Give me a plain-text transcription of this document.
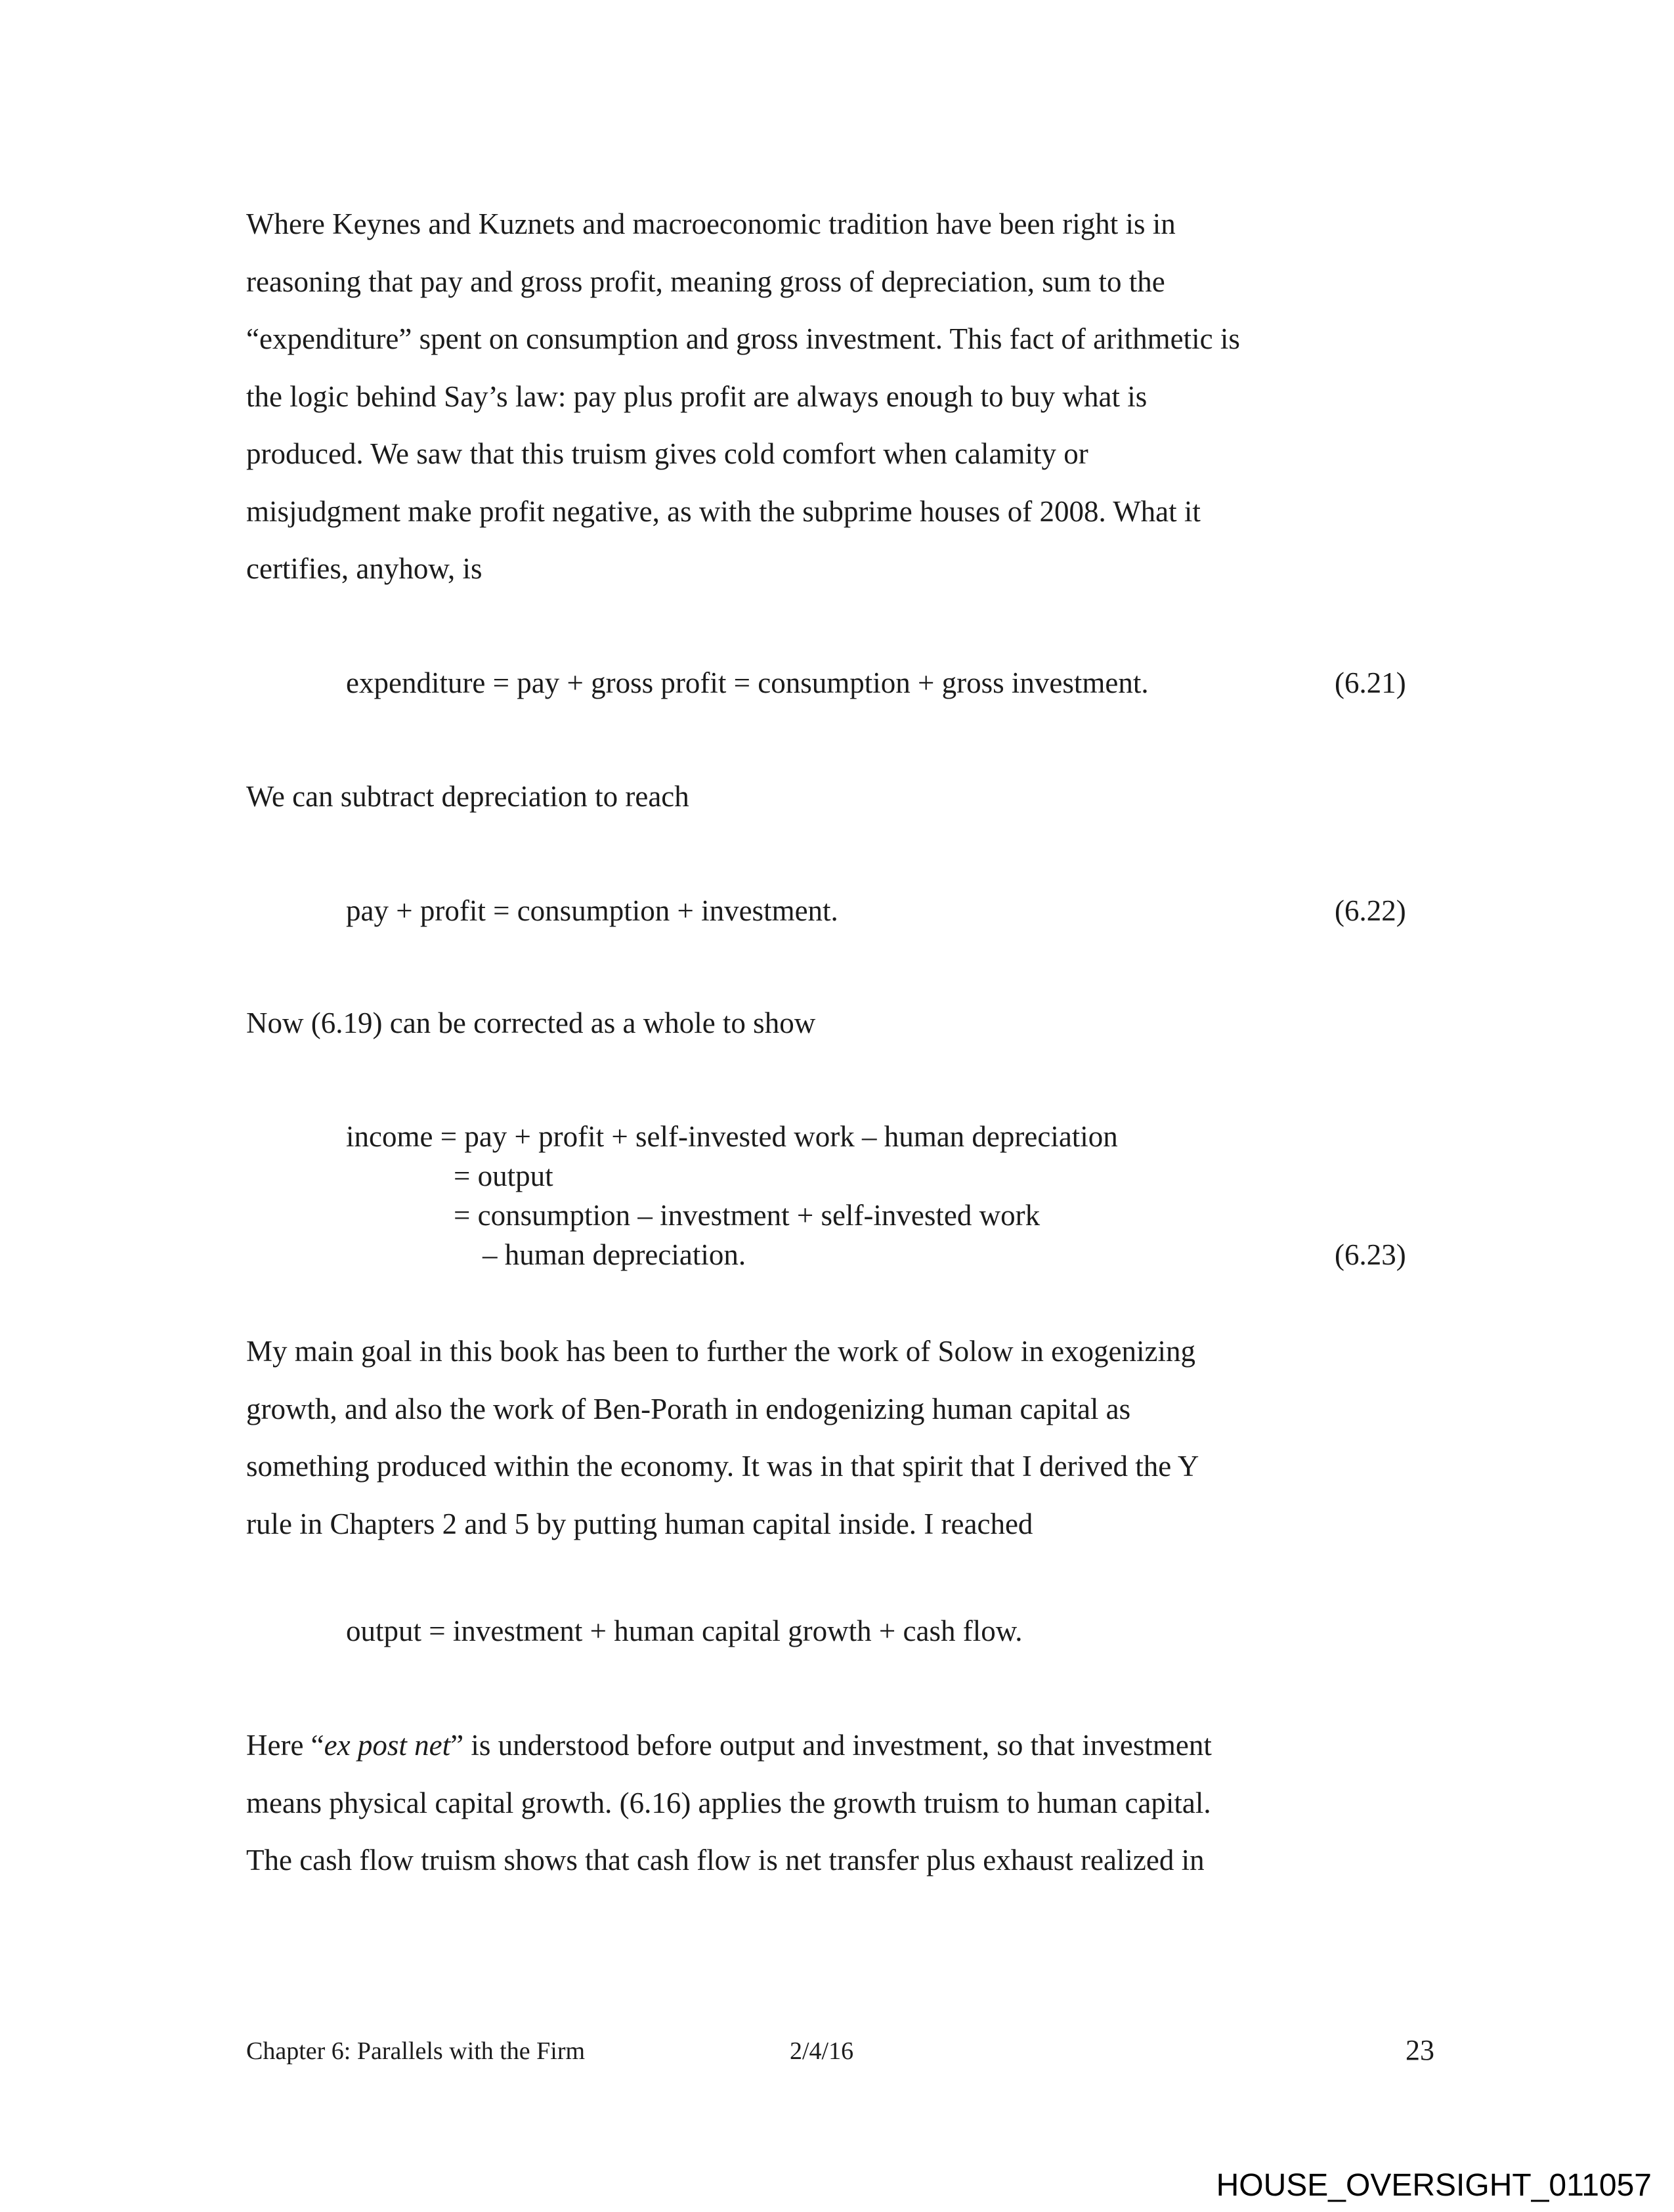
Where Keynes and Kuznets and macroeconomic tradition have been right is in
reasoning that pay and gross profit, meaning gross of depreciation, sum to the
“expenditure” spent on consumption and gross investment. This fact of arithmetic is
the logic behind Say’s law: pay plus profit are always enough to buy what is
produced. We saw that this truism gives cold comfort when calamity or
misjudgment make profit negative, as with the subprime houses of 2008. What it
certifies, anyhow, is
expenditure = pay + gross profit = consumption + gross investment.	(6.21)
We can subtract depreciation to reach
pay + profit = consumption + investment.	(6.22)
Now (6.19) can be corrected as a whole to show
income = pay + profit + self-invested work – human depreciation
= output
= consumption – investment + self-invested work
– human depreciation.	(6.23)
My main goal in this book has been to further the work of Solow in exogenizing
growth, and also the work of Ben-Porath in endogenizing human capital as
something produced within the economy. It was in that spirit that I derived the Y
rule in Chapters 2 and 5 by putting human capital inside. I reached
output = investment + human capital growth + cash flow.
Here “ex post net” is understood before output and investment, so that investment
means physical capital growth. (6.16) applies the growth truism to human capital.
The cash flow truism shows that cash flow is net transfer plus exhaust realized in
Chapter 6: Parallels with the Firm	2/4/16	23
HOUSE_OVERSIGHT_011057
